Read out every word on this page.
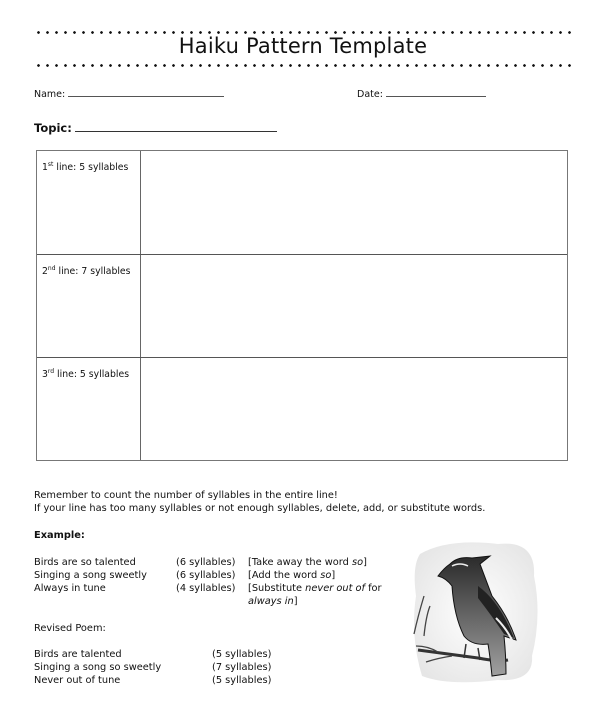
Haiku Pattern Template
Name:	Date:
Topic:
1st line: 5 syllables
2nd line: 7 syllables
3rd line: 5 syllables
Remember to count the number of syllables in the entire line!
If your line has too many syllables or not enough syllables, delete, add, or substitute words.
Example:
Birds are so talented	(6 syllables) [Take away the word so]
Singing a song sweetly	(6 syllables) [Add the word so]
Always in tune	(4 syllables) [Substitute never out of for
always in]
Revised Poem:
Birds are talented	(5 syllables)
Singing a song so sweetly	(7 syllables)
Never out of tune	(5 syllables)
